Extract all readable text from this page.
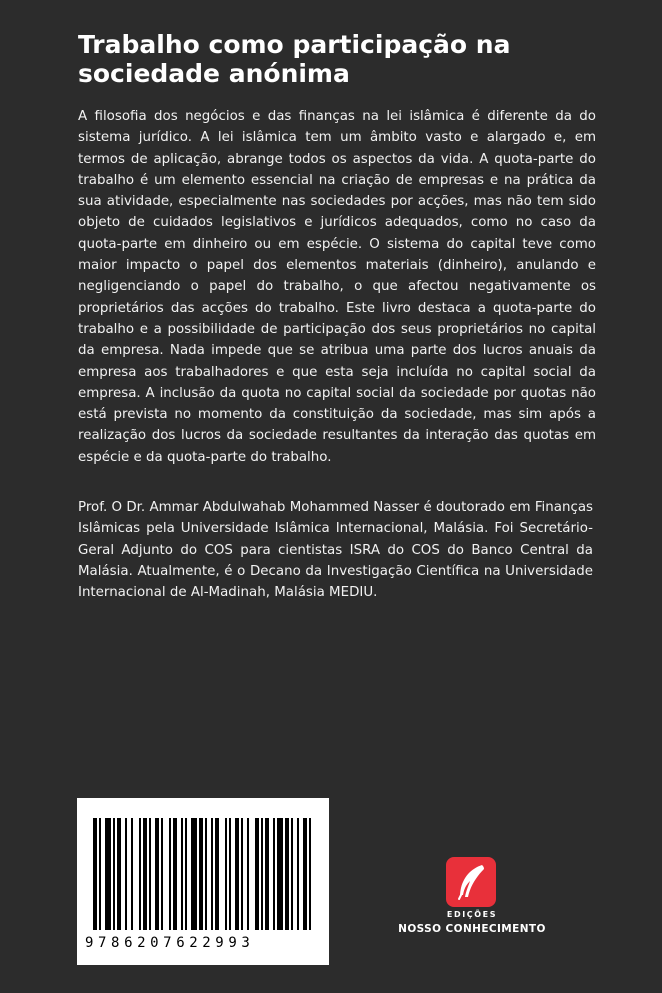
Trabalho como participação na sociedade anónima

A filosofia dos negócios e das finanças na lei islâmica é diferente da do sistema jurídico. A lei islâmica tem um âmbito vasto e alargado e, em termos de aplicação, abrange todos os aspectos da vida. A quota-parte do trabalho é um elemento essencial na criação de empresas e na prática da sua atividade, especialmente nas sociedades por acções, mas não tem sido objeto de cuidados legislativos e jurídicos adequados, como no caso da quota-parte em dinheiro ou em espécie. O sistema do capital teve como maior impacto o papel dos elementos materiais (dinheiro), anulando e negligenciando o papel do trabalho, o que afectou negativamente os proprietários das acções do trabalho. Este livro destaca a quota-parte do trabalho e a possibilidade de participação dos seus proprietários no capital da empresa. Nada impede que se atribua uma parte dos lucros anuais da empresa aos trabalhadores e que esta seja incluída no capital social da empresa. A inclusão da quota no capital social da sociedade por quotas não está prevista no momento da constituição da sociedade, mas sim após a realização dos lucros da sociedade resultantes da interação das quotas em espécie e da quota-parte do trabalho.

Prof. O Dr. Ammar Abdulwahab Mohammed Nasser é doutorado em Finanças Islâmicas pela Universidade Islâmica Internacional, Malásia. Foi Secretário-Geral Adjunto do COS para cientistas ISRA do COS do Banco Central da Malásia. Atualmente, é o Decano da Investigação Científica na Universidade Internacional de Al-Madinah, Malásia MEDIU.

9786207622993
EDIÇÕES
NOSSO CONHECIMENTO
